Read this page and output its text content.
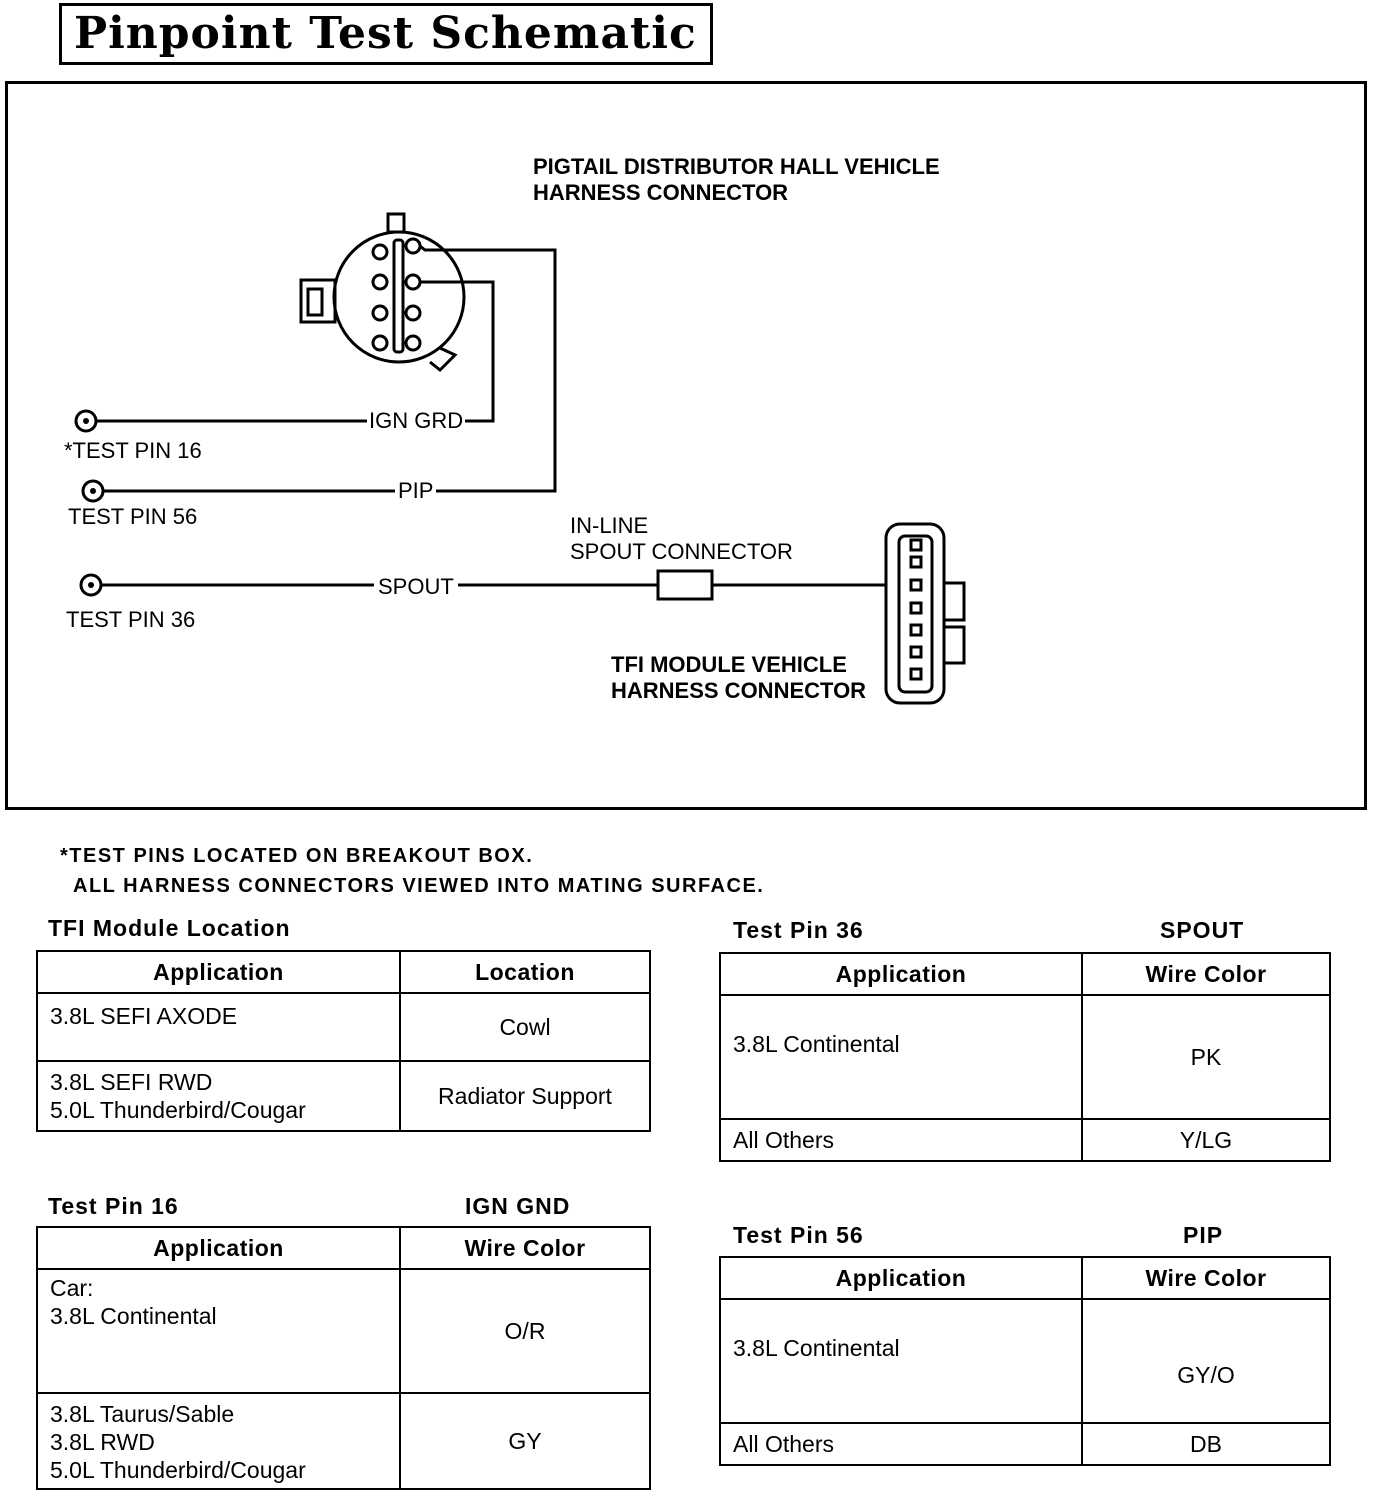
Pinpoint Test Schematic
PIGTAIL DISTRIBUTOR HALL VEHICLE
HARNESS CONNECTOR
IGN GRD
PIP
SPOUT
*TEST PIN 16
TEST PIN 56
TEST PIN 36
IN-LINE
SPOUT CONNECTOR
TFI MODULE VEHICLE
HARNESS CONNECTOR
*TEST PINS LOCATED ON BREAKOUT BOX.
ALL HARNESS CONNECTORS VIEWED INTO MATING SURFACE.
TFI Module Location
Application	Location

3.8L SEFI AXODE	Cowl

3.8L SEFI RWD
5.0L Thunderbird/Cougar	Radiator Support
Test Pin 36	SPOUT
Application	Wire Color

3.8L Continental	PK

All Others	Y/LG
Test Pin 16	IGN GND
Application	Wire Color

Car:
3.8L Continental	O/R

3.8L Taurus/Sable
3.8L RWD
5.0L Thunderbird/Cougar	GY
Test Pin 56	PIP
Application	Wire Color

3.8L Continental	GY/O

All Others	DB
